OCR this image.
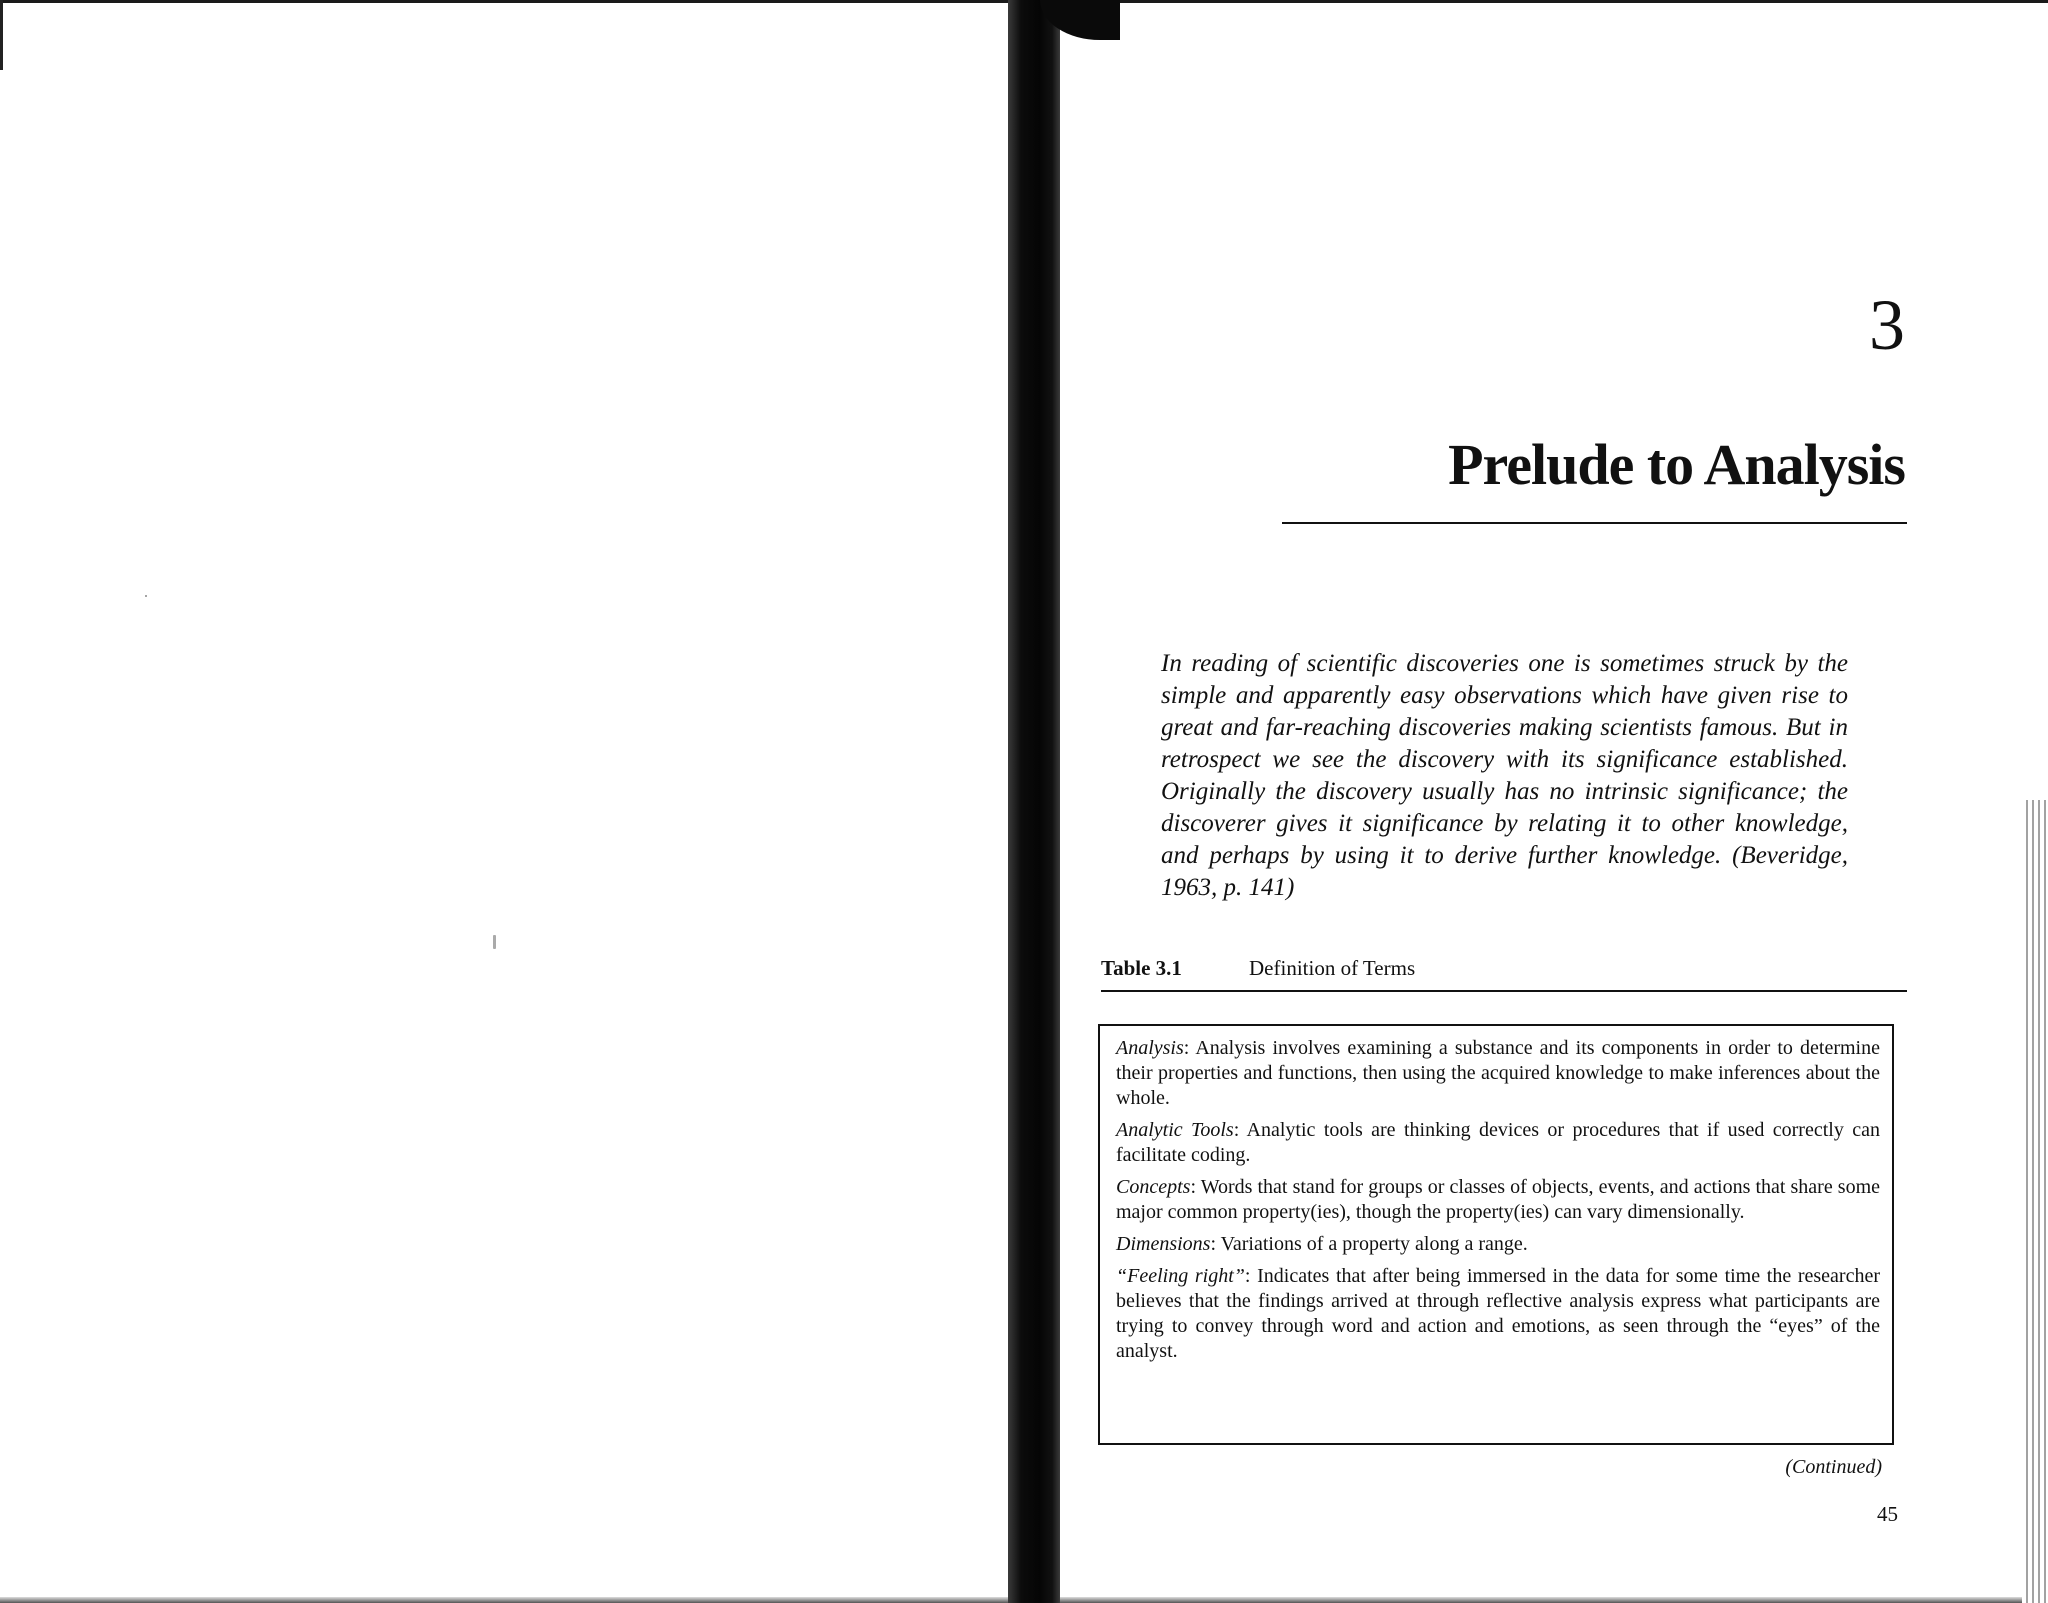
3
Prelude to Analysis
In reading of scientific discoveries one is sometimes struck by the simple and apparently easy observations which have given rise to great and far-reaching discoveries making scientists famous. But in retrospect we see the discovery with its significance established. Originally the discovery usually has no intrinsic significance; the discoverer gives it significance by relating it to other knowledge, and perhaps by using it to derive further knowledge. (Beveridge, 1963, p. 141)
Table 3.1	Definition of Terms

Analysis: Analysis involves examining a substance and its components in order to determine their properties and functions, then using the acquired knowledge to make inferences about the whole.

Analytic Tools: Analytic tools are thinking devices or procedures that if used correctly can facilitate coding.

Concepts: Words that stand for groups or classes of objects, events, and actions that share some major common property(ies), though the property(ies) can vary dimensionally.

Dimensions: Variations of a property along a range.

“Feeling right”: Indicates that after being immersed in the data for some time the researcher believes that the findings arrived at through reflective analysis express what participants are trying to convey through word and action and emotions, as seen through the “eyes” of the analyst.

(Continued)
45
